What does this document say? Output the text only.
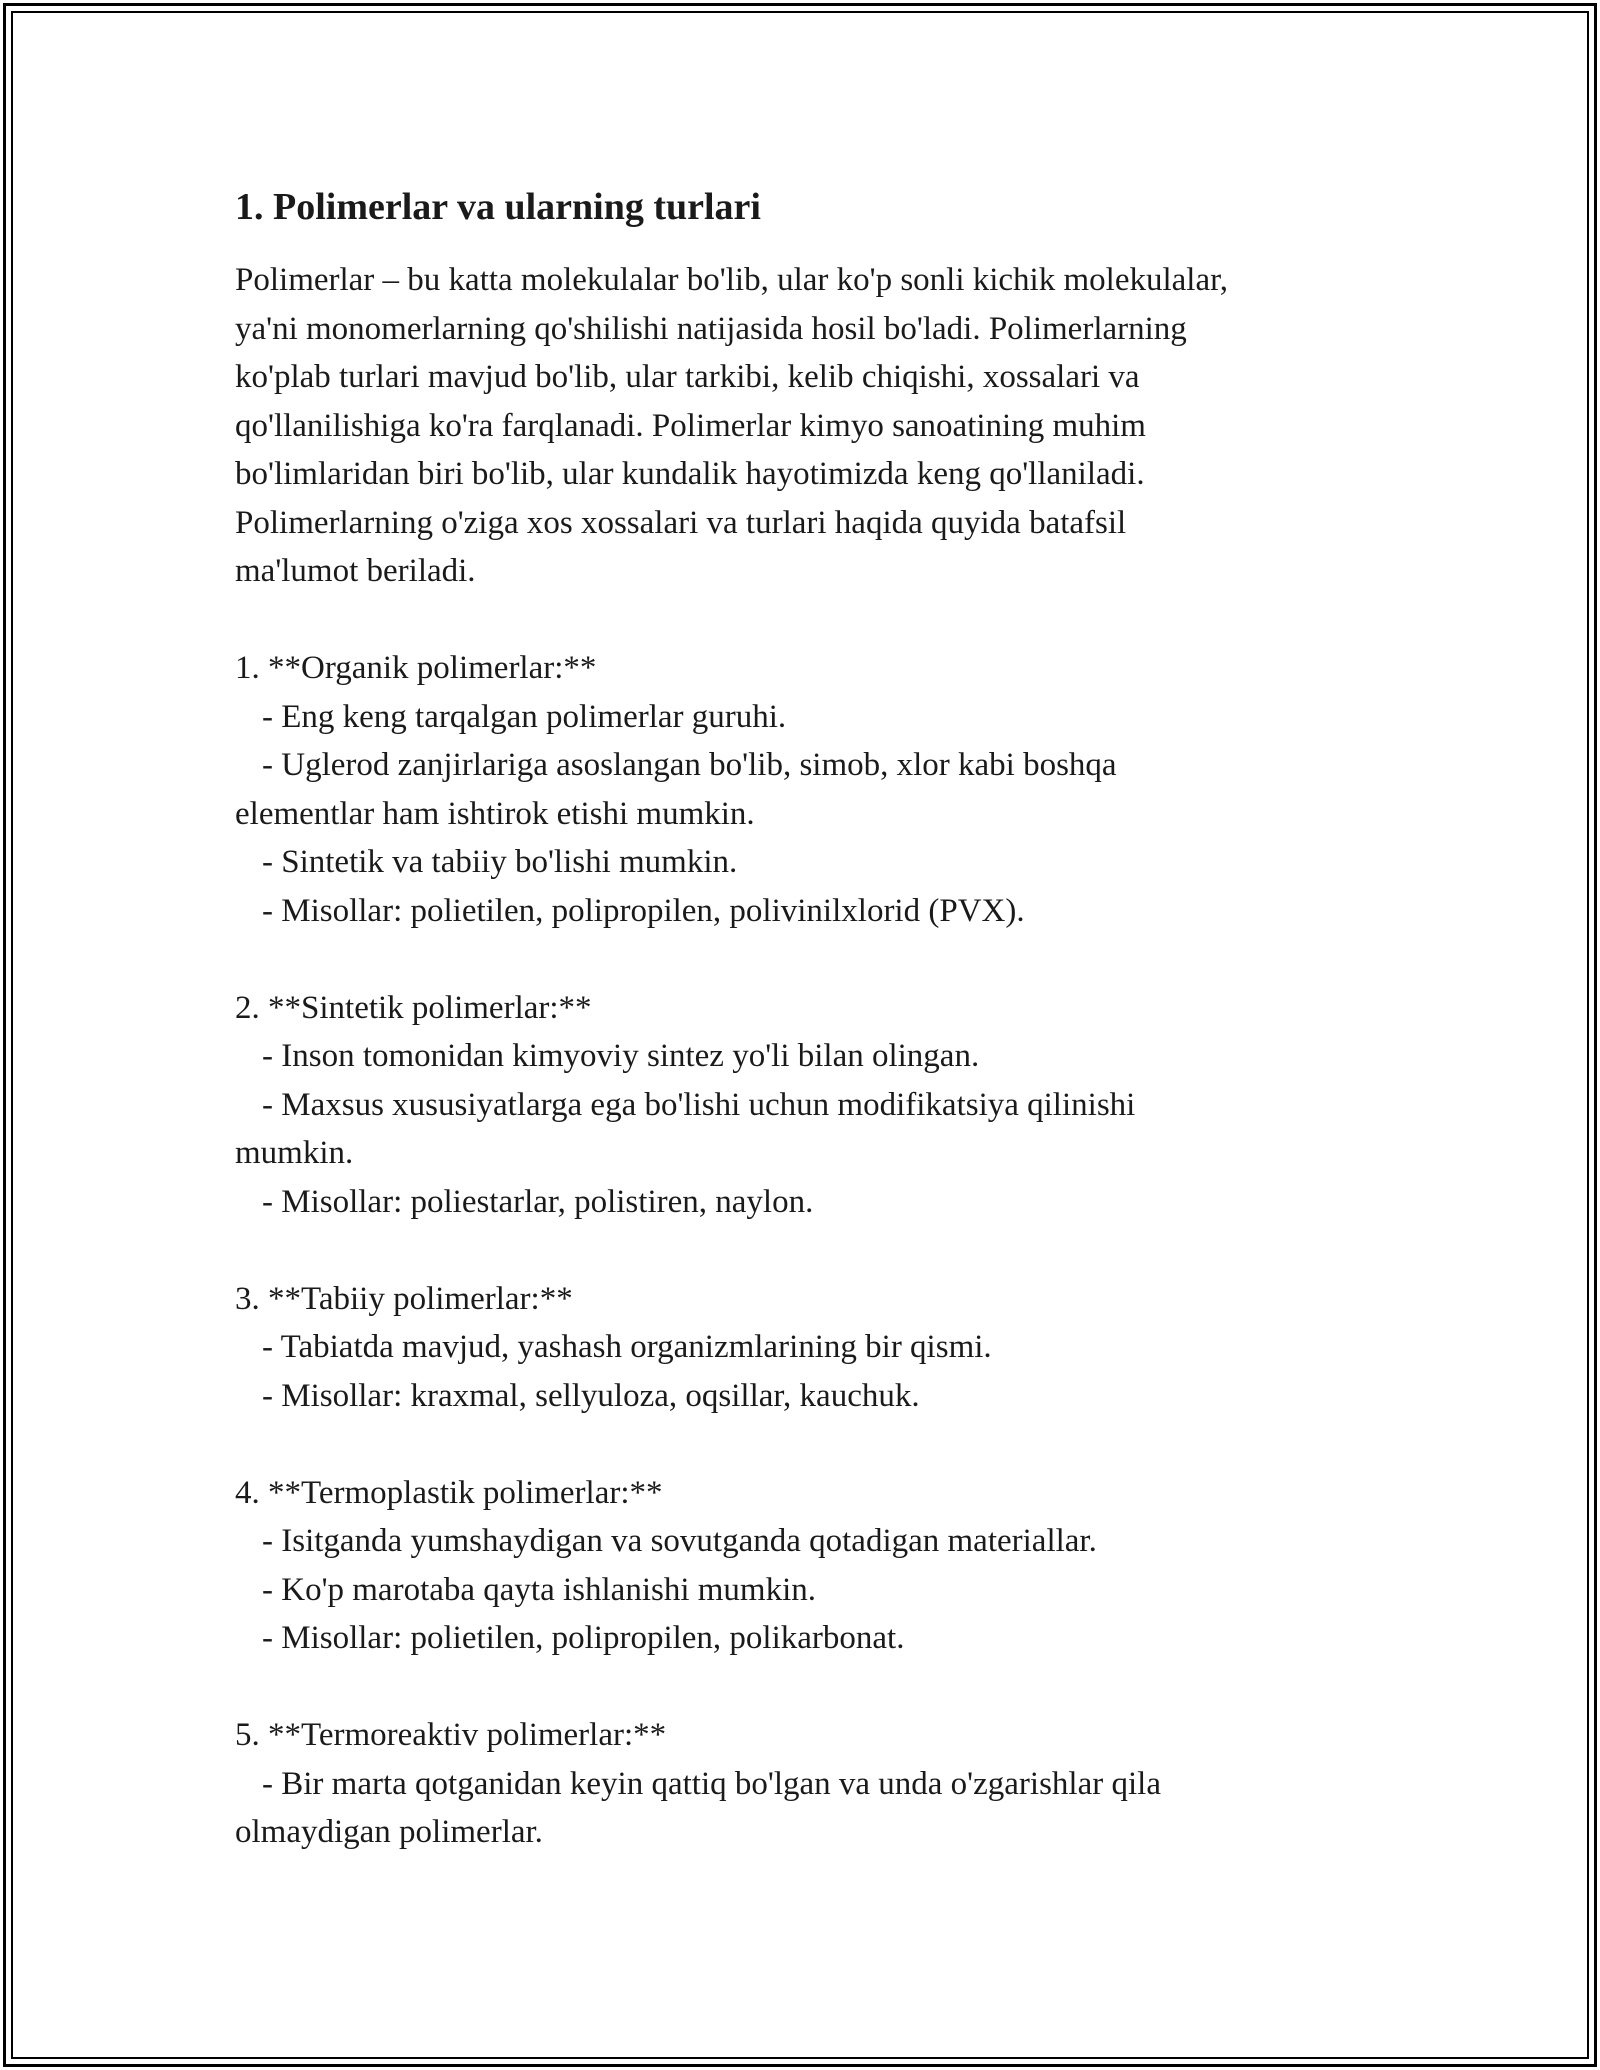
1. Polimerlar va ularning turlari
Polimerlar – bu katta molekulalar bo'lib, ular ko'p sonli kichik molekulalar,
ya'ni monomerlarning qo'shilishi natijasida hosil bo'ladi. Polimerlarning
ko'plab turlari mavjud bo'lib, ular tarkibi, kelib chiqishi, xossalari va
qo'llanilishiga ko'ra farqlanadi. Polimerlar kimyo sanoatining muhim
bo'limlaridan biri bo'lib, ular kundalik hayotimizda keng qo'llaniladi.
Polimerlarning o'ziga xos xossalari va turlari haqida quyida batafsil
ma'lumot beriladi.
1. **Organik polimerlar:**
- Eng keng tarqalgan polimerlar guruhi.
- Uglerod zanjirlariga asoslangan bo'lib, simob, xlor kabi boshqa
elementlar ham ishtirok etishi mumkin.
- Sintetik va tabiiy bo'lishi mumkin.
- Misollar: polietilen, polipropilen, polivinilxlorid (PVX).
2. **Sintetik polimerlar:**
- Inson tomonidan kimyoviy sintez yo'li bilan olingan.
- Maxsus xususiyatlarga ega bo'lishi uchun modifikatsiya qilinishi
mumkin.
- Misollar: poliestarlar, polistiren, naylon.
3. **Tabiiy polimerlar:**
- Tabiatda mavjud, yashash organizmlarining bir qismi.
- Misollar: kraxmal, sellyuloza, oqsillar, kauchuk.
4. **Termoplastik polimerlar:**
- Isitganda yumshaydigan va sovutganda qotadigan materiallar.
- Ko'p marotaba qayta ishlanishi mumkin.
- Misollar: polietilen, polipropilen, polikarbonat.
5. **Termoreaktiv polimerlar:**
- Bir marta qotganidan keyin qattiq bo'lgan va unda o'zgarishlar qila
olmaydigan polimerlar.
